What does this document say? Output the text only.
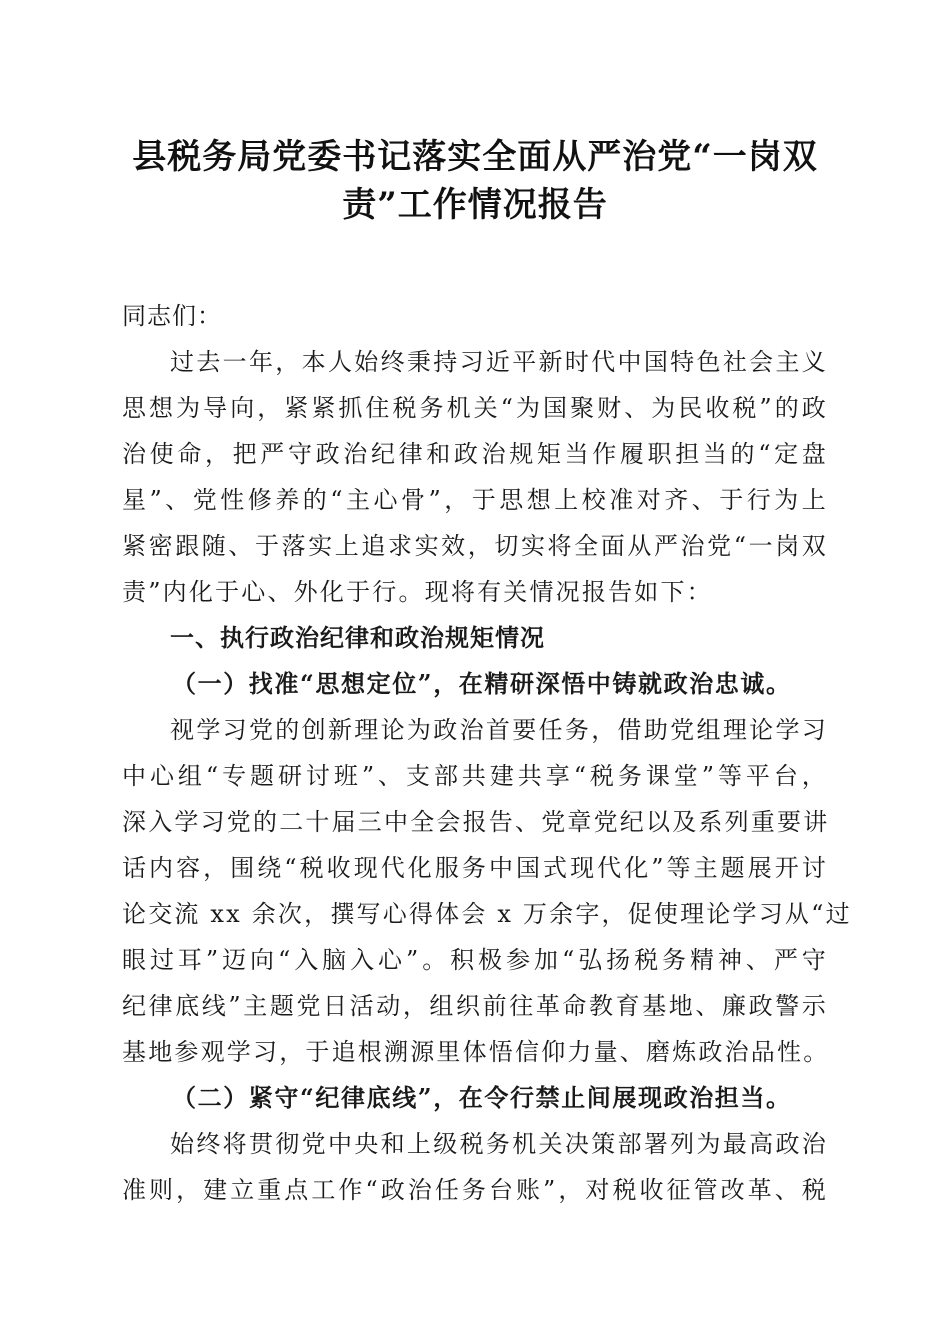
县税务局党委书记落实全面从严治党“一岗双
责”工作情况报告
同志们：

过去一年，本人始终秉持习近平新时代中国特色社会主义
思想为导向，紧紧抓住税务机关“为国聚财、为民收税”的政
治使命，把严守政治纪律和政治规矩当作履职担当的“定盘
星”、党性修养的“主心骨”，于思想上校准对齐、于行为上
紧密跟随、于落实上追求实效，切实将全面从严治党“一岗双
责”内化于心、外化于行。现将有关情况报告如下：

一、执行政治纪律和政治规矩情况
（一）找准“思想定位”，在精研深悟中铸就政治忠诚。

视学习党的创新理论为政治首要任务，借助党组理论学习
中心组“专题研讨班”、支部共建共享“税务课堂”等平台，
深入学习党的二十届三中全会报告、党章党纪以及系列重要讲
话内容，围绕“税收现代化服务中国式现代化”等主题展开讨
论交流 xx 余次，撰写心得体会 x 万余字，促使理论学习从“过
眼过耳”迈向“入脑入心”。积极参加“弘扬税务精神、严守
纪律底线”主题党日活动，组织前往革命教育基地、廉政警示
基地参观学习，于追根溯源里体悟信仰力量、磨炼政治品性。

（二）紧守“纪律底线”，在令行禁止间展现政治担当。

始终将贯彻党中央和上级税务机关决策部署列为最高政治
准则，建立重点工作“政治任务台账”，对税收征管改革、税
